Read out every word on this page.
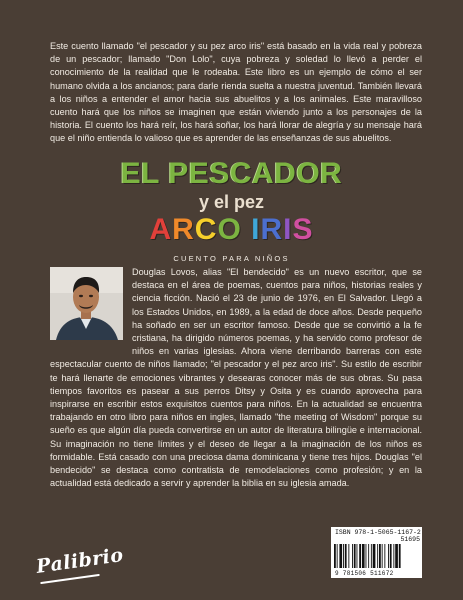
Este cuento llamado "el pescador y su pez arco iris" está basado en la vida real y pobreza de un pescador; llamado "Don Lolo", cuya pobreza y soledad lo llevó a perder el conocimiento de la realidad que le rodeaba. Este libro es un ejemplo de cómo el ser humano olvida a los ancianos; para darle rienda suelta a nuestra juventud. También llevará a los niños a entender el amor hacia sus abuelitos y a los animales. Este maravilloso cuento hará que los niños se imaginen que están viviendo junto a los personajes de la historia. El cuento los hará reír, los hará soñar, los hará llorar de alegría y su mensaje hará que el niño entienda lo valioso que es aprender de las enseñanzas de sus abuelitos.

EL PESCADOR
y el pez
ARCO IRIS
CUENTO PARA NIÑOS

Douglas Lovos, alias "El bendecido" es un nuevo escritor, que se destaca en el área de poemas, cuentos para niños, historias reales y ciencia ficción. Nació el 23 de junio de 1976, en El Salvador. Llegó a los Estados Unidos, en 1989, a la edad de doce años. Desde pequeño ha soñado en ser un escritor famoso. Desde que se convirtió a la fe cristiana, ha dirigido números poemas, y ha servido como profesor de niños en varias iglesias. Ahora viene derribando barreras con este espectacular cuento de niños llamado; "el pescador y el pez arco iris". Su estilo de escribir te hará llenarte de emociones vibrantes y desearas conocer más de sus obras. Su pasa tiempos favoritos es pasear a sus perros Ditsy y Osita y es cuando aprovecha para inspirarse en escribir estos exquisitos cuentos para niños. En la actualidad se encuentra trabajando en otro libro para niños en ingles, llamado "the meeting of Wisdom" porque su sueño es que algún día pueda convertirse en un autor de literatura bilingüe e internacional. Su imaginación no tiene límites y el deseo de llegar a la imaginación de los niños es formidable. Está casado con una preciosa dama dominicana y tiene tres hijos. Douglas "el bendecido" se destaca como contratista de remodelaciones como profesión; y en la actualidad está dedicado a servir y aprender la biblia en su iglesia amada.

ISBN 978-1-5065-1167-2
51695
9 781506 511672
Palibrio
